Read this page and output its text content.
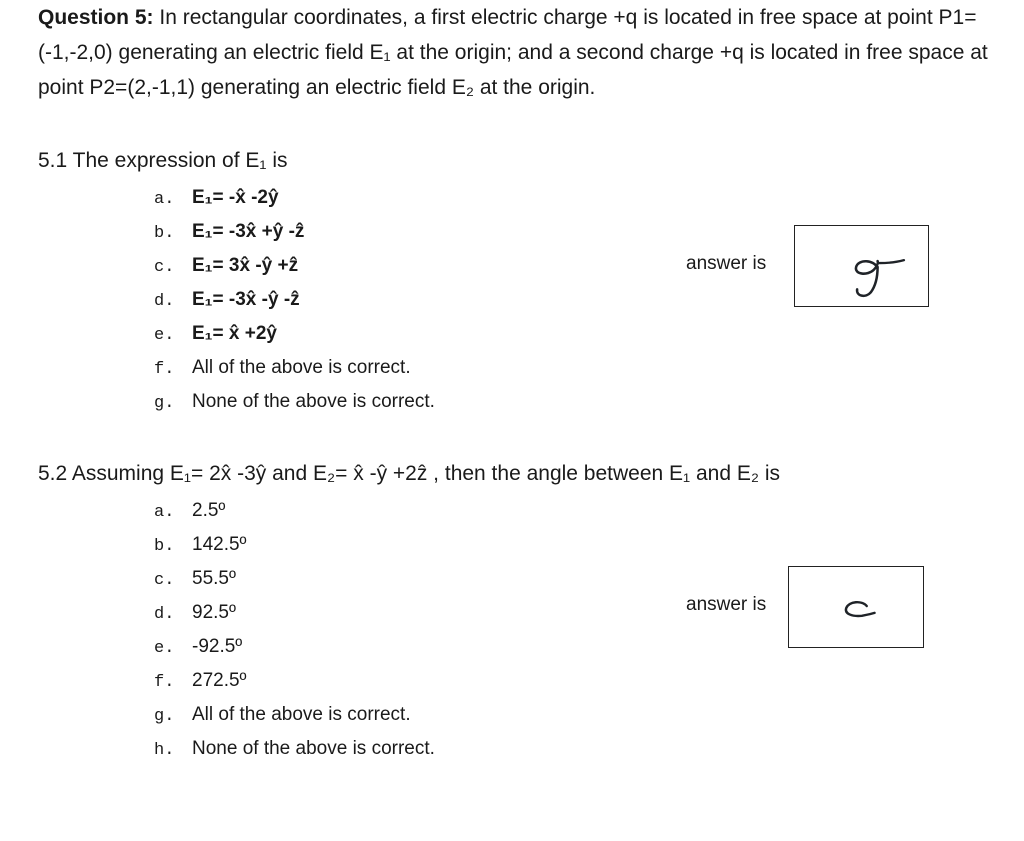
Question 5: In rectangular coordinates, a first electric charge +q is located in free space at point P1=(-1,-2,0) generating an electric field E₁ at the origin; and a second charge +q is located in free space at point P2=(2,-1,1) generating an electric field E₂ at the origin.

5.1 The expression of E₁ is

a. E₁= -x̂ -2ŷ
b. E₁= -3x̂ +ŷ -ẑ
c. E₁= 3x̂ -ŷ +ẑ
d. E₁= -3x̂ -ŷ -ẑ
e. E₁= x̂ +2ŷ
f. All of the above is correct.
g. None of the above is correct.
answer is

5.2 Assuming E₁= 2x̂ -3ŷ and E₂= x̂ -ŷ +2ẑ , then the angle between E₁ and E₂ is

a. 2.5º
b. 142.5º
c. 55.5º
d. 92.5º
e. -92.5º
f. 272.5º
g. All of the above is correct.
h. None of the above is correct.
answer is
